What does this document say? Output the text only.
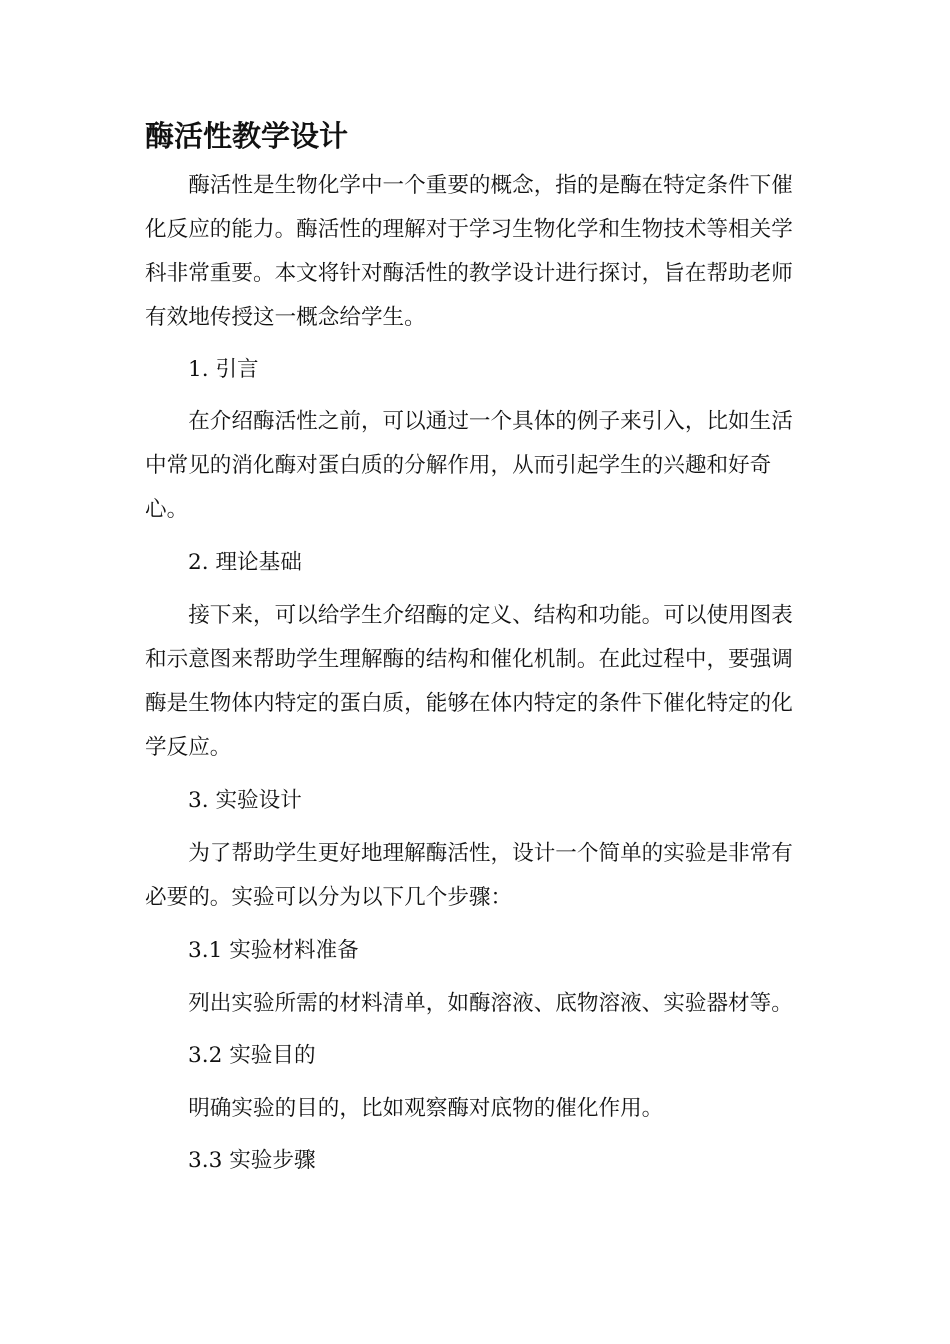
酶活性教学设计

酶活性是生物化学中一个重要的概念，指的是酶在特定条件下催化反应的能力。酶活性的理解对于学习生物化学和生物技术等相关学科非常重要。本文将针对酶活性的教学设计进行探讨，旨在帮助老师有效地传授这一概念给学生。

1. 引言

在介绍酶活性之前，可以通过一个具体的例子来引入，比如生活中常见的消化酶对蛋白质的分解作用，从而引起学生的兴趣和好奇心。

2. 理论基础

接下来，可以给学生介绍酶的定义、结构和功能。可以使用图表和示意图来帮助学生理解酶的结构和催化机制。在此过程中，要强调酶是生物体内特定的蛋白质，能够在体内特定的条件下催化特定的化学反应。

3. 实验设计

为了帮助学生更好地理解酶活性，设计一个简单的实验是非常有必要的。实验可以分为以下几个步骤：

3.1 实验材料准备

列出实验所需的材料清单，如酶溶液、底物溶液、实验器材等。

3.2 实验目的

明确实验的目的，比如观察酶对底物的催化作用。

3.3 实验步骤
